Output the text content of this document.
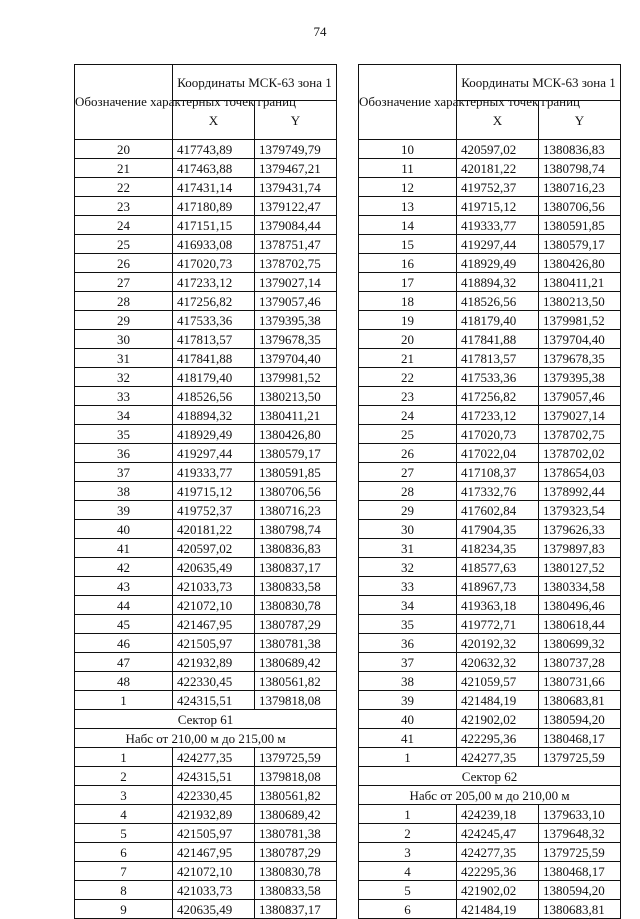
74
Обозначение характерных точек границ	Координаты МСК-63 зона 1	
	X	Y
20	417743,89	1379749,79
21	417463,88	1379467,21
22	417431,14	1379431,74
23	417180,89	1379122,47
24	417151,15	1379084,44
25	416933,08	1378751,47
26	417020,73	1378702,75
27	417233,12	1379027,14
28	417256,82	1379057,46
29	417533,36	1379395,38
30	417813,57	1379678,35
31	417841,88	1379704,40
32	418179,40	1379981,52
33	418526,56	1380213,50
34	418894,32	1380411,21
35	418929,49	1380426,80
36	419297,44	1380579,17
37	419333,77	1380591,85
38	419715,12	1380706,56
39	419752,37	1380716,23
40	420181,22	1380798,74
41	420597,02	1380836,83
42	420635,49	1380837,17
43	421033,73	1380833,58
44	421072,10	1380830,78
45	421467,95	1380787,29
46	421505,97	1380781,38
47	421932,89	1380689,42
48	422330,45	1380561,82
1	424315,51	1379818,08
Сектор 61		
Набс от 210,00 м до 215,00 м		
1	424277,35	1379725,59
2	424315,51	1379818,08
3	422330,45	1380561,82
4	421932,89	1380689,42
5	421505,97	1380781,38
6	421467,95	1380787,29
7	421072,10	1380830,78
8	421033,73	1380833,58
9	420635,49	1380837,17
Обозначение характерных точек границ	Координаты МСК-63 зона 1	
	X	Y
10	420597,02	1380836,83
11	420181,22	1380798,74
12	419752,37	1380716,23
13	419715,12	1380706,56
14	419333,77	1380591,85
15	419297,44	1380579,17
16	418929,49	1380426,80
17	418894,32	1380411,21
18	418526,56	1380213,50
19	418179,40	1379981,52
20	417841,88	1379704,40
21	417813,57	1379678,35
22	417533,36	1379395,38
23	417256,82	1379057,46
24	417233,12	1379027,14
25	417020,73	1378702,75
26	417022,04	1378702,02
27	417108,37	1378654,03
28	417332,76	1378992,44
29	417602,84	1379323,54
30	417904,35	1379626,33
31	418234,35	1379897,83
32	418577,63	1380127,52
33	418967,73	1380334,58
34	419363,18	1380496,46
35	419772,71	1380618,44
36	420192,32	1380699,32
37	420632,32	1380737,28
38	421059,57	1380731,66
39	421484,19	1380683,81
40	421902,02	1380594,20
41	422295,36	1380468,17
1	424277,35	1379725,59
Сектор 62		
Набс от 205,00 м до 210,00 м		
1	424239,18	1379633,10
2	424245,47	1379648,32
3	424277,35	1379725,59
4	422295,36	1380468,17
5	421902,02	1380594,20
6	421484,19	1380683,81
